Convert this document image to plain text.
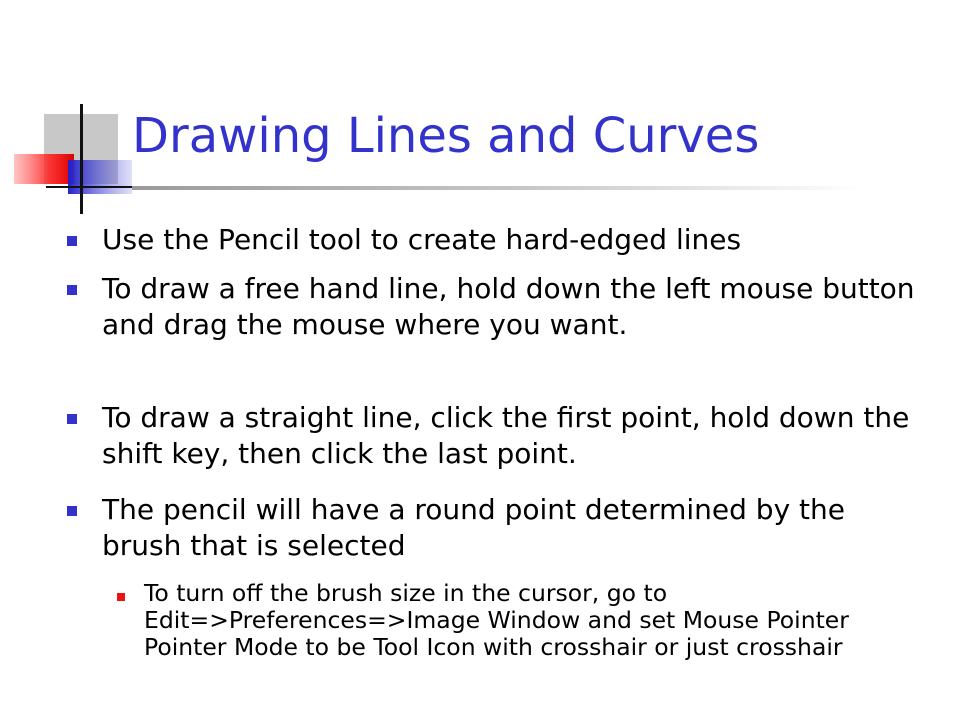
Drawing Lines and Curves
Use the Pencil tool to create hard-edged lines
To draw a free hand line, hold down the left mouse button and drag the mouse where you want.
To draw a straight line, click the first point, hold down the shift key, then click the last point.
The pencil will have a round point determined by the brush that is selected
To turn off the brush size in the cursor, go to Edit=>Preferences=>Image Window and set Mouse Pointer Pointer Mode to be Tool Icon with crosshair or just crosshair
